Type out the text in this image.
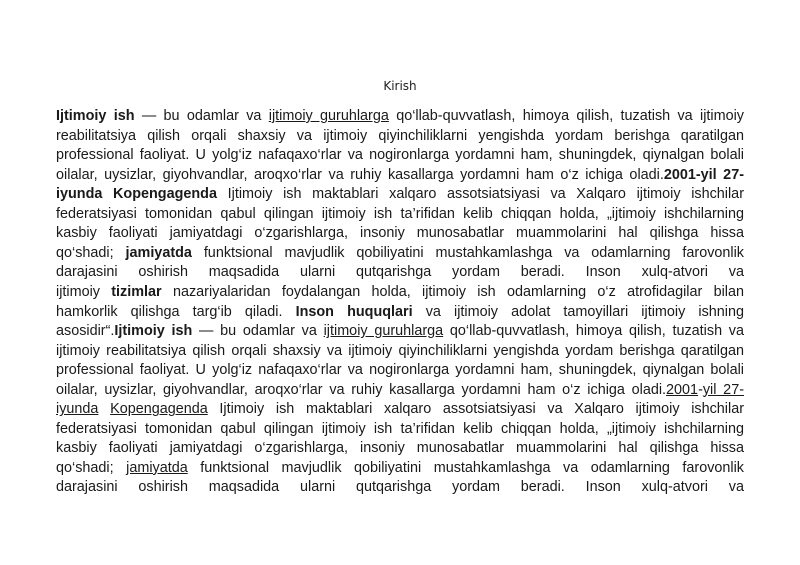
Kirish
Ijtimoiy ish — bu odamlar va ijtimoiy guruhlarga qo‘llab-quvvatlash, himoya qilish, tuzatish va ijtimoiy
reabilitatsiya qilish orqali shaxsiy va ijtimoiy qiyinchiliklarni yengishda yordam berishga qaratilgan
professional faoliyat. U yolg‘iz nafaqaxo‘rlar va nogironlarga yordamni ham, shuningdek, qiynalgan bolali
oilalar, uysizlar, giyohvandlar, aroqxo‘rlar va ruhiy kasallarga yordamni ham o‘z ichiga oladi.2001-yil 27-
iyunda Kopengagenda Ijtimoiy ish maktablari xalqaro assotsiatsiyasi va Xalqaro ijtimoiy ishchilar
federatsiyasi tomonidan qabul qilingan ijtimoiy ish ta’rifidan kelib chiqqan holda, „ijtimoiy ishchilarning
kasbiy faoliyati jamiyatdagi o‘zgarishlarga, insoniy munosabatlar muammolarini hal qilishga hissa
qo‘shadi; jamiyatda funktsional mavjudlik qobiliyatini mustahkamlashga va odamlarning farovonlik
darajasini oshirish maqsadida ularni qutqarishga yordam beradi. Inson xulq-atvori va
ijtimoiy tizimlar nazariyalaridan foydalangan holda, ijtimoiy ish odamlarning o‘z atrofidagilar bilan
hamkorlik qilishga targ‘ib qiladi. Inson huquqlari va ijtimoiy adolat tamoyillari ijtimoiy ishning
asosidir“.Ijtimoiy ish — bu odamlar va ijtimoiy guruhlarga qo‘llab-quvvatlash, himoya qilish, tuzatish va
ijtimoiy reabilitatsiya qilish orqali shaxsiy va ijtimoiy qiyinchiliklarni yengishda yordam berishga qaratilgan
professional faoliyat. U yolg‘iz nafaqaxo‘rlar va nogironlarga yordamni ham, shuningdek, qiynalgan bolali
oilalar, uysizlar, giyohvandlar, aroqxo‘rlar va ruhiy kasallarga yordamni ham o‘z ichiga oladi.2001-yil 27-
iyunda Kopengagenda Ijtimoiy ish maktablari xalqaro assotsiatsiyasi va Xalqaro ijtimoiy ishchilar
federatsiyasi tomonidan qabul qilingan ijtimoiy ish ta’rifidan kelib chiqqan holda, „ijtimoiy ishchilarning
kasbiy faoliyati jamiyatdagi o‘zgarishlarga, insoniy munosabatlar muammolarini hal qilishga hissa
qo‘shadi; jamiyatda funktsional mavjudlik qobiliyatini mustahkamlashga va odamlarning farovonlik
darajasini oshirish maqsadida ularni qutqarishga yordam beradi. Inson xulq-atvori va
